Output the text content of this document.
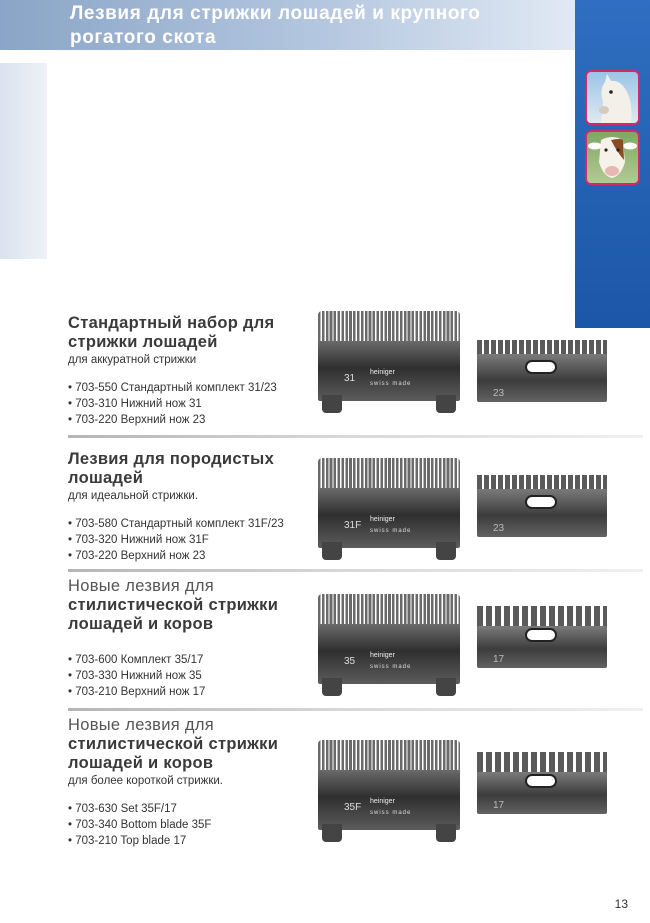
Лезвия для стрижки лошадей и крупного
рогатого скота
Стандартный набор для
стрижки лошадей
для аккуратной стрижки
• 703-550 Стандартный комплект 31/23
• 703-310 Нижний нож 31
• 703-220 Верхний нож 23
31
heiniger
swiss made
23
Лезвия для породистых
лошадей
для идеальной стрижки.
• 703-580 Стандартный комплект 31F/23
• 703-320 Нижний нож 31F
• 703-220 Верхний нож 23
31F
heiniger
swiss made	23
Новые лезвия для
стилистической стрижки
лошадей и коров
• 703-600 Комплект 35/17
• 703-330 Нижний нож 35
• 703-210 Верхний нож 17
35
heiniger
swiss made
17
Новые лезвия для
стилистической стрижки
лошадей и коров
для более короткой стрижки.
• 703-630 Set 35F/17
• 703-340 Bottom blade 35F
• 703-210 Top blade 17
35F
heiniger
swiss made
17
13
